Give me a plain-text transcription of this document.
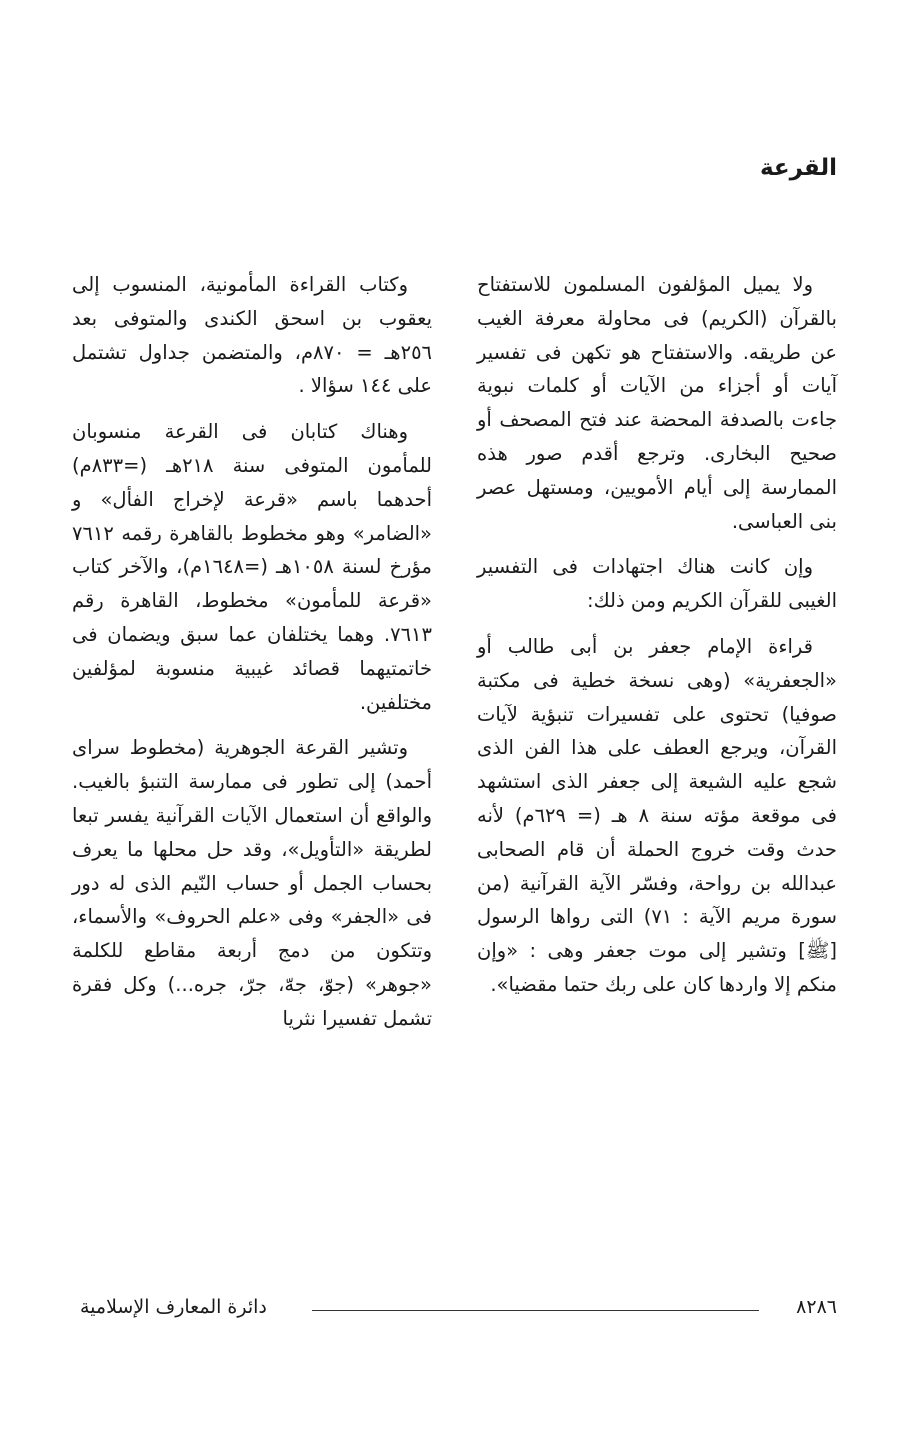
القرعة

ولا يميل المؤلفون المسلمون للاستفتاح بالقرآن (الكريم) فى محاولة معرفة الغيب عن طريقه. والاستفتاح هو تكهن فى تفسير آيات أو أجزاء من الآيات أو كلمات نبوية جاءت بالصدفة المحضة عند فتح المصحف أو صحيح البخارى. وترجع أقدم صور هذه الممارسة إلى أيام الأمويين، ومستهل عصر بنى العباسى.

وإن كانت هناك اجتهادات فى التفسير الغيبى للقرآن الكريم ومن ذلك:

قراءة الإمام جعفر بن أبى طالب أو «الجعفرية» (وهى نسخة خطية فى مكتبة صوفيا) تحتوى على تفسيرات تنبؤية لآيات القرآن، ويرجع العطف على هذا الفن الذى شجع عليه الشيعة إلى جعفر الذى استشهد فى موقعة مؤته سنة ٨ هـ (= ٦٢٩م) لأنه حدث وقت خروج الحملة أن قام الصحابى عبدالله بن رواحة، وفسّر الآية القرآنية (من سورة مريم الآية : ٧١) التى رواها الرسول [ﷺ] وتشير إلى موت جعفر وهى : «وإن منكم إلا واردها كان على ربك حتما مقضيا».

وكتاب القراءة المأمونية، المنسوب إلى يعقوب بن اسحق الكندى والمتوفى بعد ٢٥٦هـ = ٨٧٠م، والمتضمن جداول تشتمل على ١٤٤ سؤالا .

وهناك كتابان فى القرعة منسوبان للمأمون المتوفى سنة ٢١٨هـ (=٨٣٣م) أحدهما باسم «قرعة لإخراج الفأل» و «الضامر» وهو مخطوط بالقاهرة رقمه ٧٦١٢ مؤرخ لسنة ١٠٥٨هـ (=١٦٤٨م)، والآخر كتاب «قرعة للمأمون» مخطوط، القاهرة رقم ٧٦١٣. وهما يختلفان عما سبق ويضمان فى خاتمتيهما قصائد غيبية منسوبة لمؤلفين مختلفين.

وتشير القرعة الجوهرية (مخطوط سراى أحمد) إلى تطور فى ممارسة التنبؤ بالغيب. والواقع أن استعمال الآيات القرآنية يفسر تبعا لطريقة «التأويل»، وقد حل محلها ما يعرف بحساب الجمل أو حساب النّيم الذى له دور فى «الجفر» وفى «علم الحروف» والأسماء، وتتكون من دمج أربعة مقاطع للكلمة «جوهر» (جوّ، جهّ، جرّ، جره...) وكل فقرة تشمل تفسيرا نثريا

٨٢٨٦
دائرة المعارف الإسلامية
